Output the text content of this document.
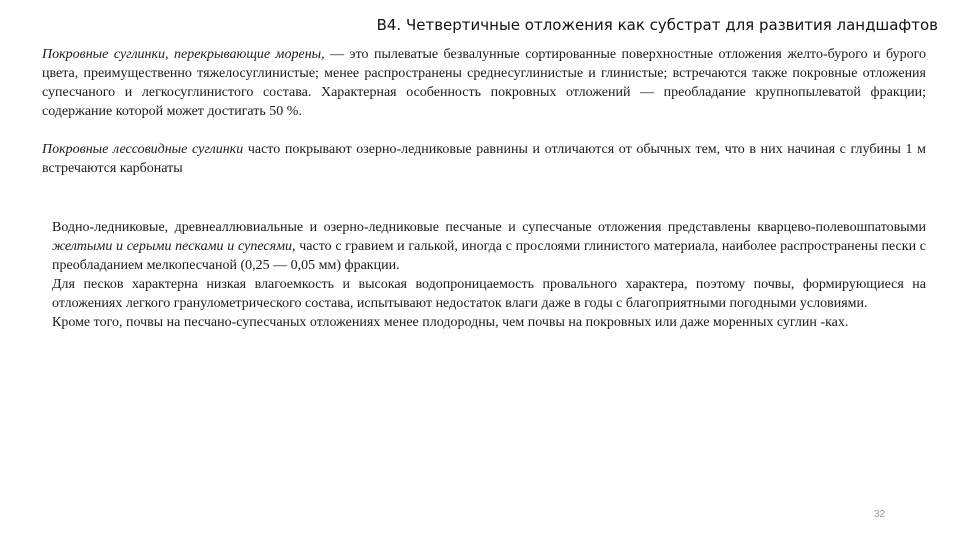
В4. Четвертичные отложения как субстрат для развития ландшафтов
Покровные суглинки, перекрывающие морены, — это пылеватые безвалунные сортированные поверхностные отложения желто-бурого и бурого цвета, преимущественно тяжелосуглинистые; менее распространены среднесуглинистые и глинистые; встречаются также покровные отложения супесчаного и легкосуглинистого состава. Характерная особенность покровных отложений — преобладание крупнопылеватой фракции; содержание которой может достигать 50 %.
Покровные лессовидные суглинки часто покрывают озерно-ледниковые равнины и отличаются от обычных тем, что в них начиная с глубины 1 м встречаются карбонаты
Водно-ледниковые, древнеаллювиальные и озерно-ледниковые песчаные и супесчаные отложения представлены кварцево-полевошпатовыми желтыми и серыми песками и супесями, часто с гравием и галькой, иногда с прослоями глинистого материала, наиболее распространены пески с преобладанием мелкопесчаной (0,25 — 0,05 мм) фракции.
Для песков характерна низкая влагоемкость и высокая водопроницаемость провального характера, поэтому почвы, формирующиеся на отложениях легкого гранулометрического состава, испытывают недостаток влаги даже в годы с благоприятными погодными условиями.
Кроме того, почвы на песчано-супесчаных отложениях менее плодородны, чем почвы на покровных или даже моренных суглин -ках.
32
